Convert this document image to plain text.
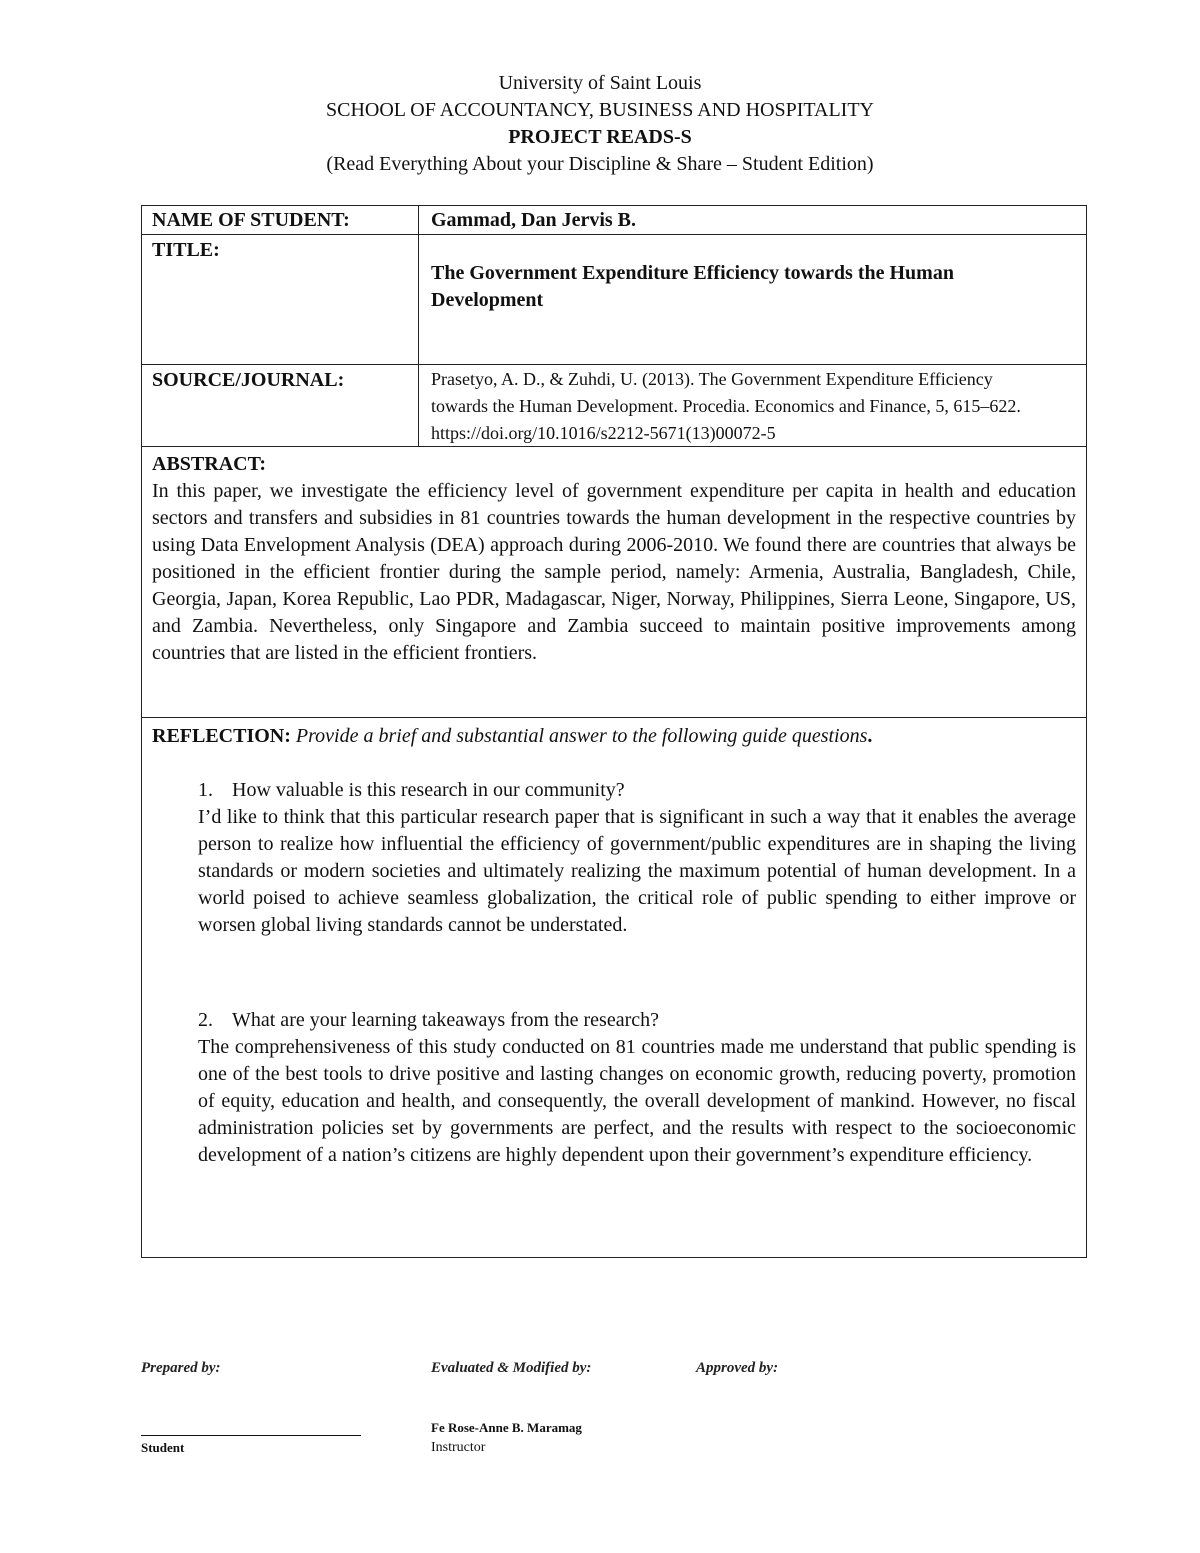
University of Saint Louis
SCHOOL OF ACCOUNTANCY, BUSINESS AND HOSPITALITY
PROJECT READS-S
(Read Everything About your Discipline & Share – Student Edition)
NAME OF STUDENT:	Gammad, Dan Jervis B.
TITLE:
The Government Expenditure Efficiency towards the Human Development
SOURCE/JOURNAL:	Prasetyo, A. D., & Zuhdi, U. (2013). The Government Expenditure Efficiency towards the Human Development. Procedia. Economics and Finance, 5, 615–622. https://doi.org/10.1016/s2212-5671(13)00072-5
ABSTRACT:
In this paper, we investigate the efficiency level of government expenditure per capita in health and education sectors and transfers and subsidies in 81 countries towards the human development in the respective countries by using Data Envelopment Analysis (DEA) approach during 2006-2010. We found there are countries that always be positioned in the efficient frontier during the sample period, namely: Armenia, Australia, Bangladesh, Chile, Georgia, Japan, Korea Republic, Lao PDR, Madagascar, Niger, Norway, Philippines, Sierra Leone, Singapore, US, and Zambia. Nevertheless, only Singapore and Zambia succeed to maintain positive improvements among countries that are listed in the efficient frontiers.
REFLECTION: Provide a brief and substantial answer to the following guide questions.
1. How valuable is this research in our community?
I’d like to think that this particular research paper that is significant in such a way that it enables the average person to realize how influential the efficiency of government/public expenditures are in shaping the living standards or modern societies and ultimately realizing the maximum potential of human development. In a world poised to achieve seamless globalization, the critical role of public spending to either improve or worsen global living standards cannot be understated.
2. What are your learning takeaways from the research?
The comprehensiveness of this study conducted on 81 countries made me understand that public spending is one of the best tools to drive positive and lasting changes on economic growth, reducing poverty, promotion of equity, education and health, and consequently, the overall development of mankind. However, no fiscal administration policies set by governments are perfect, and the results with respect to the socioeconomic development of a nation’s citizens are highly dependent upon their government’s expenditure efficiency.
Prepared by:	Evaluated & Modified by:	Approved by:
Student
Fe Rose-Anne B. Maramag
Instructor
